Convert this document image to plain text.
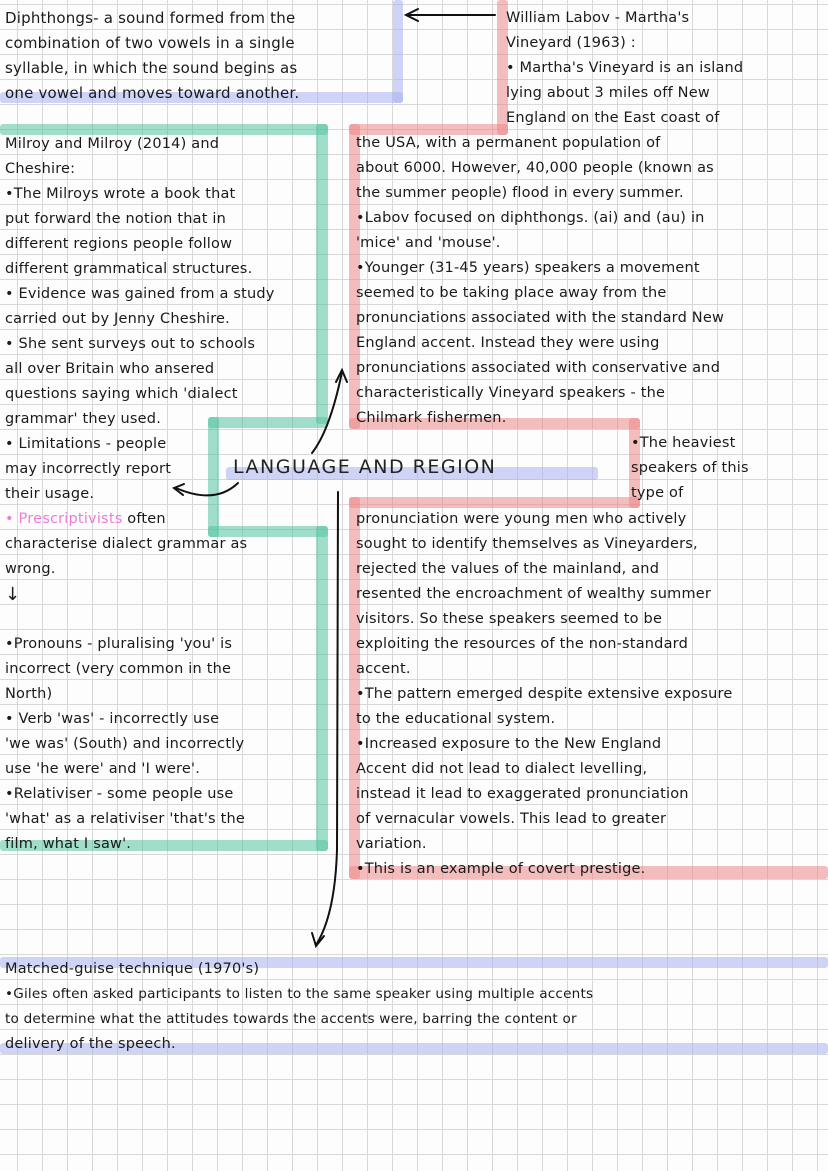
LANGUAGE AND REGION
Diphthongs- a sound formed from the
combination of two vowels in a single
syllable, in which the sound begins as
one vowel and moves toward another.
William Labov - Martha's
Vineyard (1963) :
• Martha's Vineyard is an island
lying about 3 miles off New
England on the East coast of
the USA, with a permanent population of
about 6000. However, 40,000 people (known as
the summer people) flood in every summer.
•Labov focused on diphthongs. (ai) and (au) in
'mice' and 'mouse'.
•Younger (31-45 years) speakers a movement
seemed to be taking place away from the
pronunciations associated with the standard New
England accent. Instead they were using
pronunciations associated with conservative and
characteristically Vineyard speakers - the
Chilmark fishermen.
•The heaviest
speakers of this
type of
pronunciation were young men who actively
sought to identify themselves as Vineyarders,
rejected the values of the mainland, and
resented the encroachment of wealthy summer
visitors. So these speakers seemed to be
exploiting the resources of the non-standard
accent.
•The pattern emerged despite extensive exposure
to the educational system.
•Increased exposure to the New England
Accent did not lead to dialect levelling,
instead it lead to exaggerated pronunciation
of vernacular vowels. This lead to greater
variation.
•This is an example of covert prestige.
Milroy and Milroy (2014) and
Cheshire:
•The Milroys wrote a book that
put forward the notion that in
different regions people follow
different grammatical structures.
• Evidence was gained from a study
carried out by Jenny Cheshire.
• She sent surveys out to schools
all over Britain who ansered
questions saying which 'dialect
grammar' they used.
• Limitations - people
may incorrectly report
their usage.
• Prescriptivists often
characterise dialect grammar as
wrong.
↓
•Pronouns - pluralising 'you' is
incorrect (very common in the
North)
• Verb 'was' - incorrectly use
'we was' (South) and incorrectly
use 'he were' and 'I were'.
•Relativiser - some people use
'what' as a relativiser 'that's the
film, what I saw'.
Matched-guise technique (1970's)
•Giles often asked participants to listen to the same speaker using multiple accents
to determine what the attitudes towards the accents were, barring the content or
delivery of the speech.
